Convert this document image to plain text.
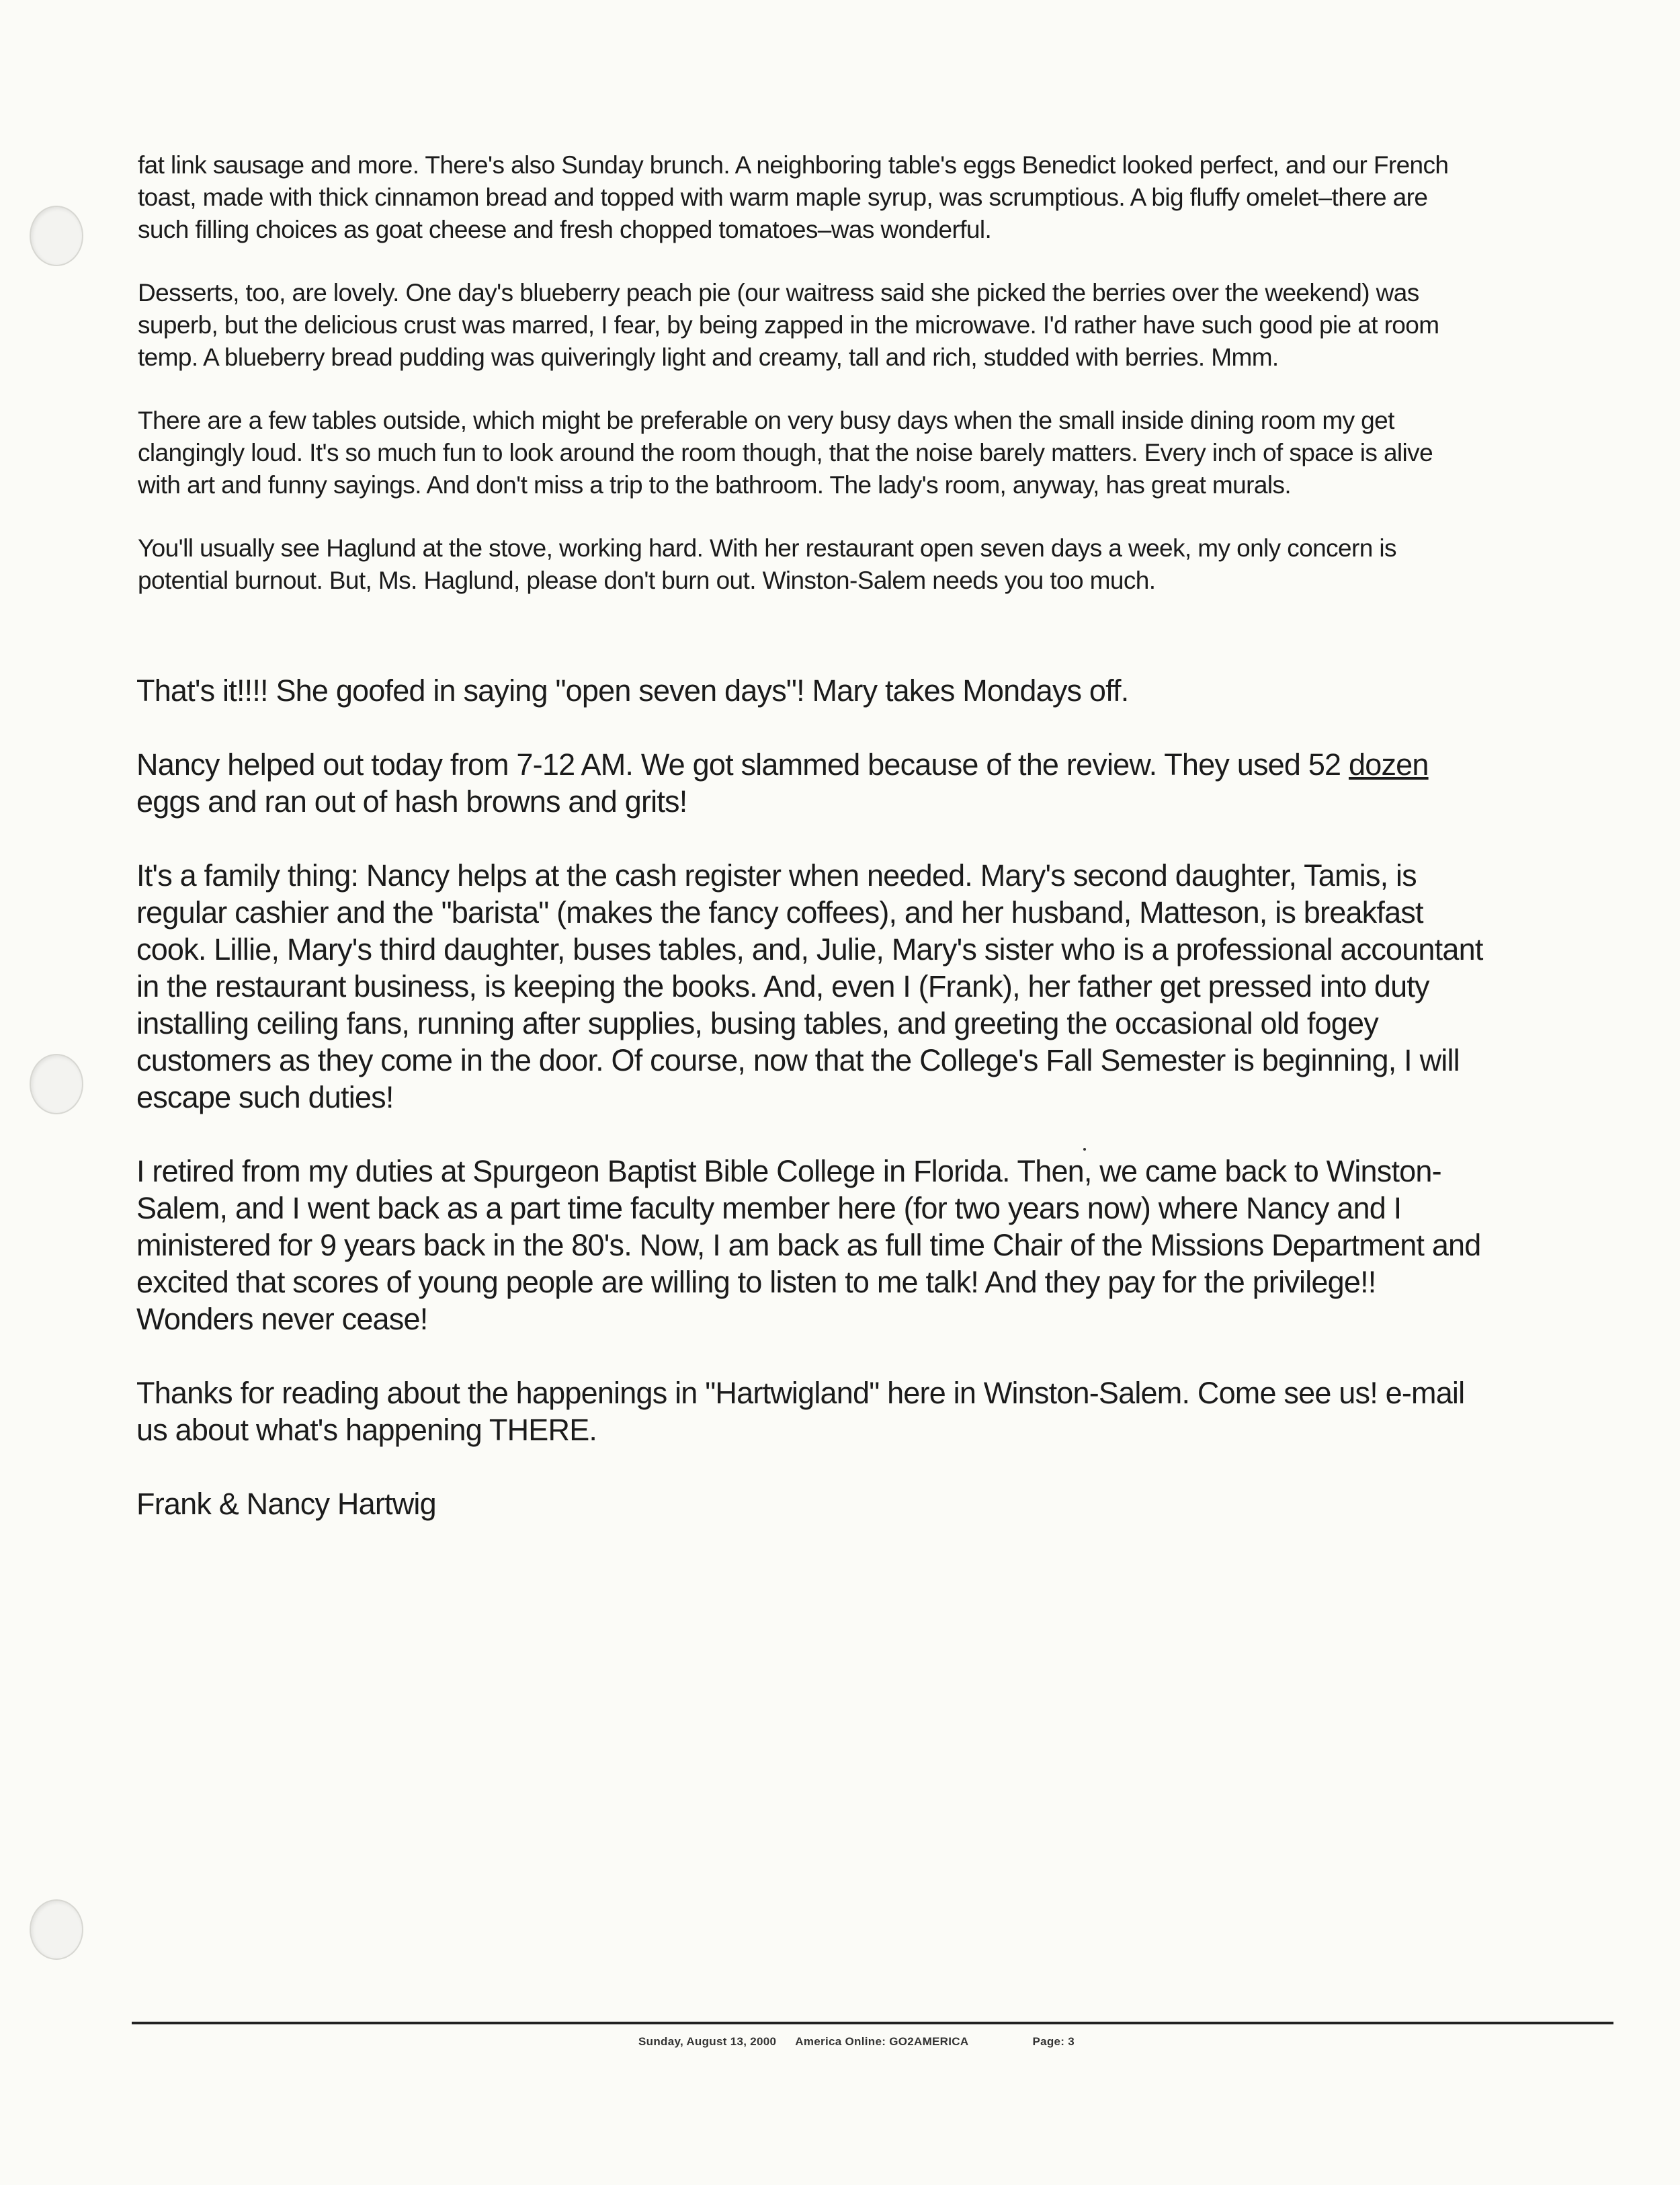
fat link sausage and more. There's also Sunday brunch. A neighboring table's eggs Benedict looked perfect, and our French
toast, made with thick cinnamon bread and topped with warm maple syrup, was scrumptious. A big fluffy omelet–there are
such filling choices as goat cheese and fresh chopped tomatoes–was wonderful.

Desserts, too, are lovely. One day's blueberry peach pie (our waitress said she picked the berries over the weekend) was
superb, but the delicious crust was marred, I fear, by being zapped in the microwave. I'd rather have such good pie at room
temp. A blueberry bread pudding was quiveringly light and creamy, tall and rich, studded with berries. Mmm.

There are a few tables outside, which might be preferable on very busy days when the small inside dining room my get
clangingly loud. It's so much fun to look around the room though, that the noise barely matters. Every inch of space is alive
with art and funny sayings. And don't miss a trip to the bathroom. The lady's room, anyway, has great murals.

You'll usually see Haglund at the stove, working hard. With her restaurant open seven days a week, my only concern is
potential burnout. But, Ms. Haglund, please don't burn out. Winston-Salem needs you too much.

That's it!!!! She goofed in saying "open seven days"! Mary takes Mondays off.

Nancy helped out today from 7-12 AM. We got slammed because of the review. They used 52 dozen
eggs and ran out of hash browns and grits!

It's a family thing: Nancy helps at the cash register when needed. Mary's second daughter, Tamis, is
regular cashier and the "barista" (makes the fancy coffees), and her husband, Matteson, is breakfast
cook. Lillie, Mary's third daughter, buses tables, and, Julie, Mary's sister who is a professional accountant
in the restaurant business, is keeping the books. And, even I (Frank), her father get pressed into duty
installing ceiling fans, running after supplies, busing tables, and greeting the occasional old fogey
customers as they come in the door. Of course, now that the College's Fall Semester is beginning, I will
escape such duties!

I retired from my duties at Spurgeon Baptist Bible College in Florida. Then, we came back to Winston-
Salem, and I went back as a part time faculty member here (for two years now) where Nancy and I
ministered for 9 years back in the 80's. Now, I am back as full time Chair of the Missions Department and
excited that scores of young people are willing to listen to me talk! And they pay for the privilege!!
Wonders never cease!

Thanks for reading about the happenings in "Hartwigland" here in Winston-Salem. Come see us! e-mail
us about what's happening THERE.

Frank & Nancy Hartwig

Sunday, August 13, 2000 America Online: GO2AMERICA	Page: 3
